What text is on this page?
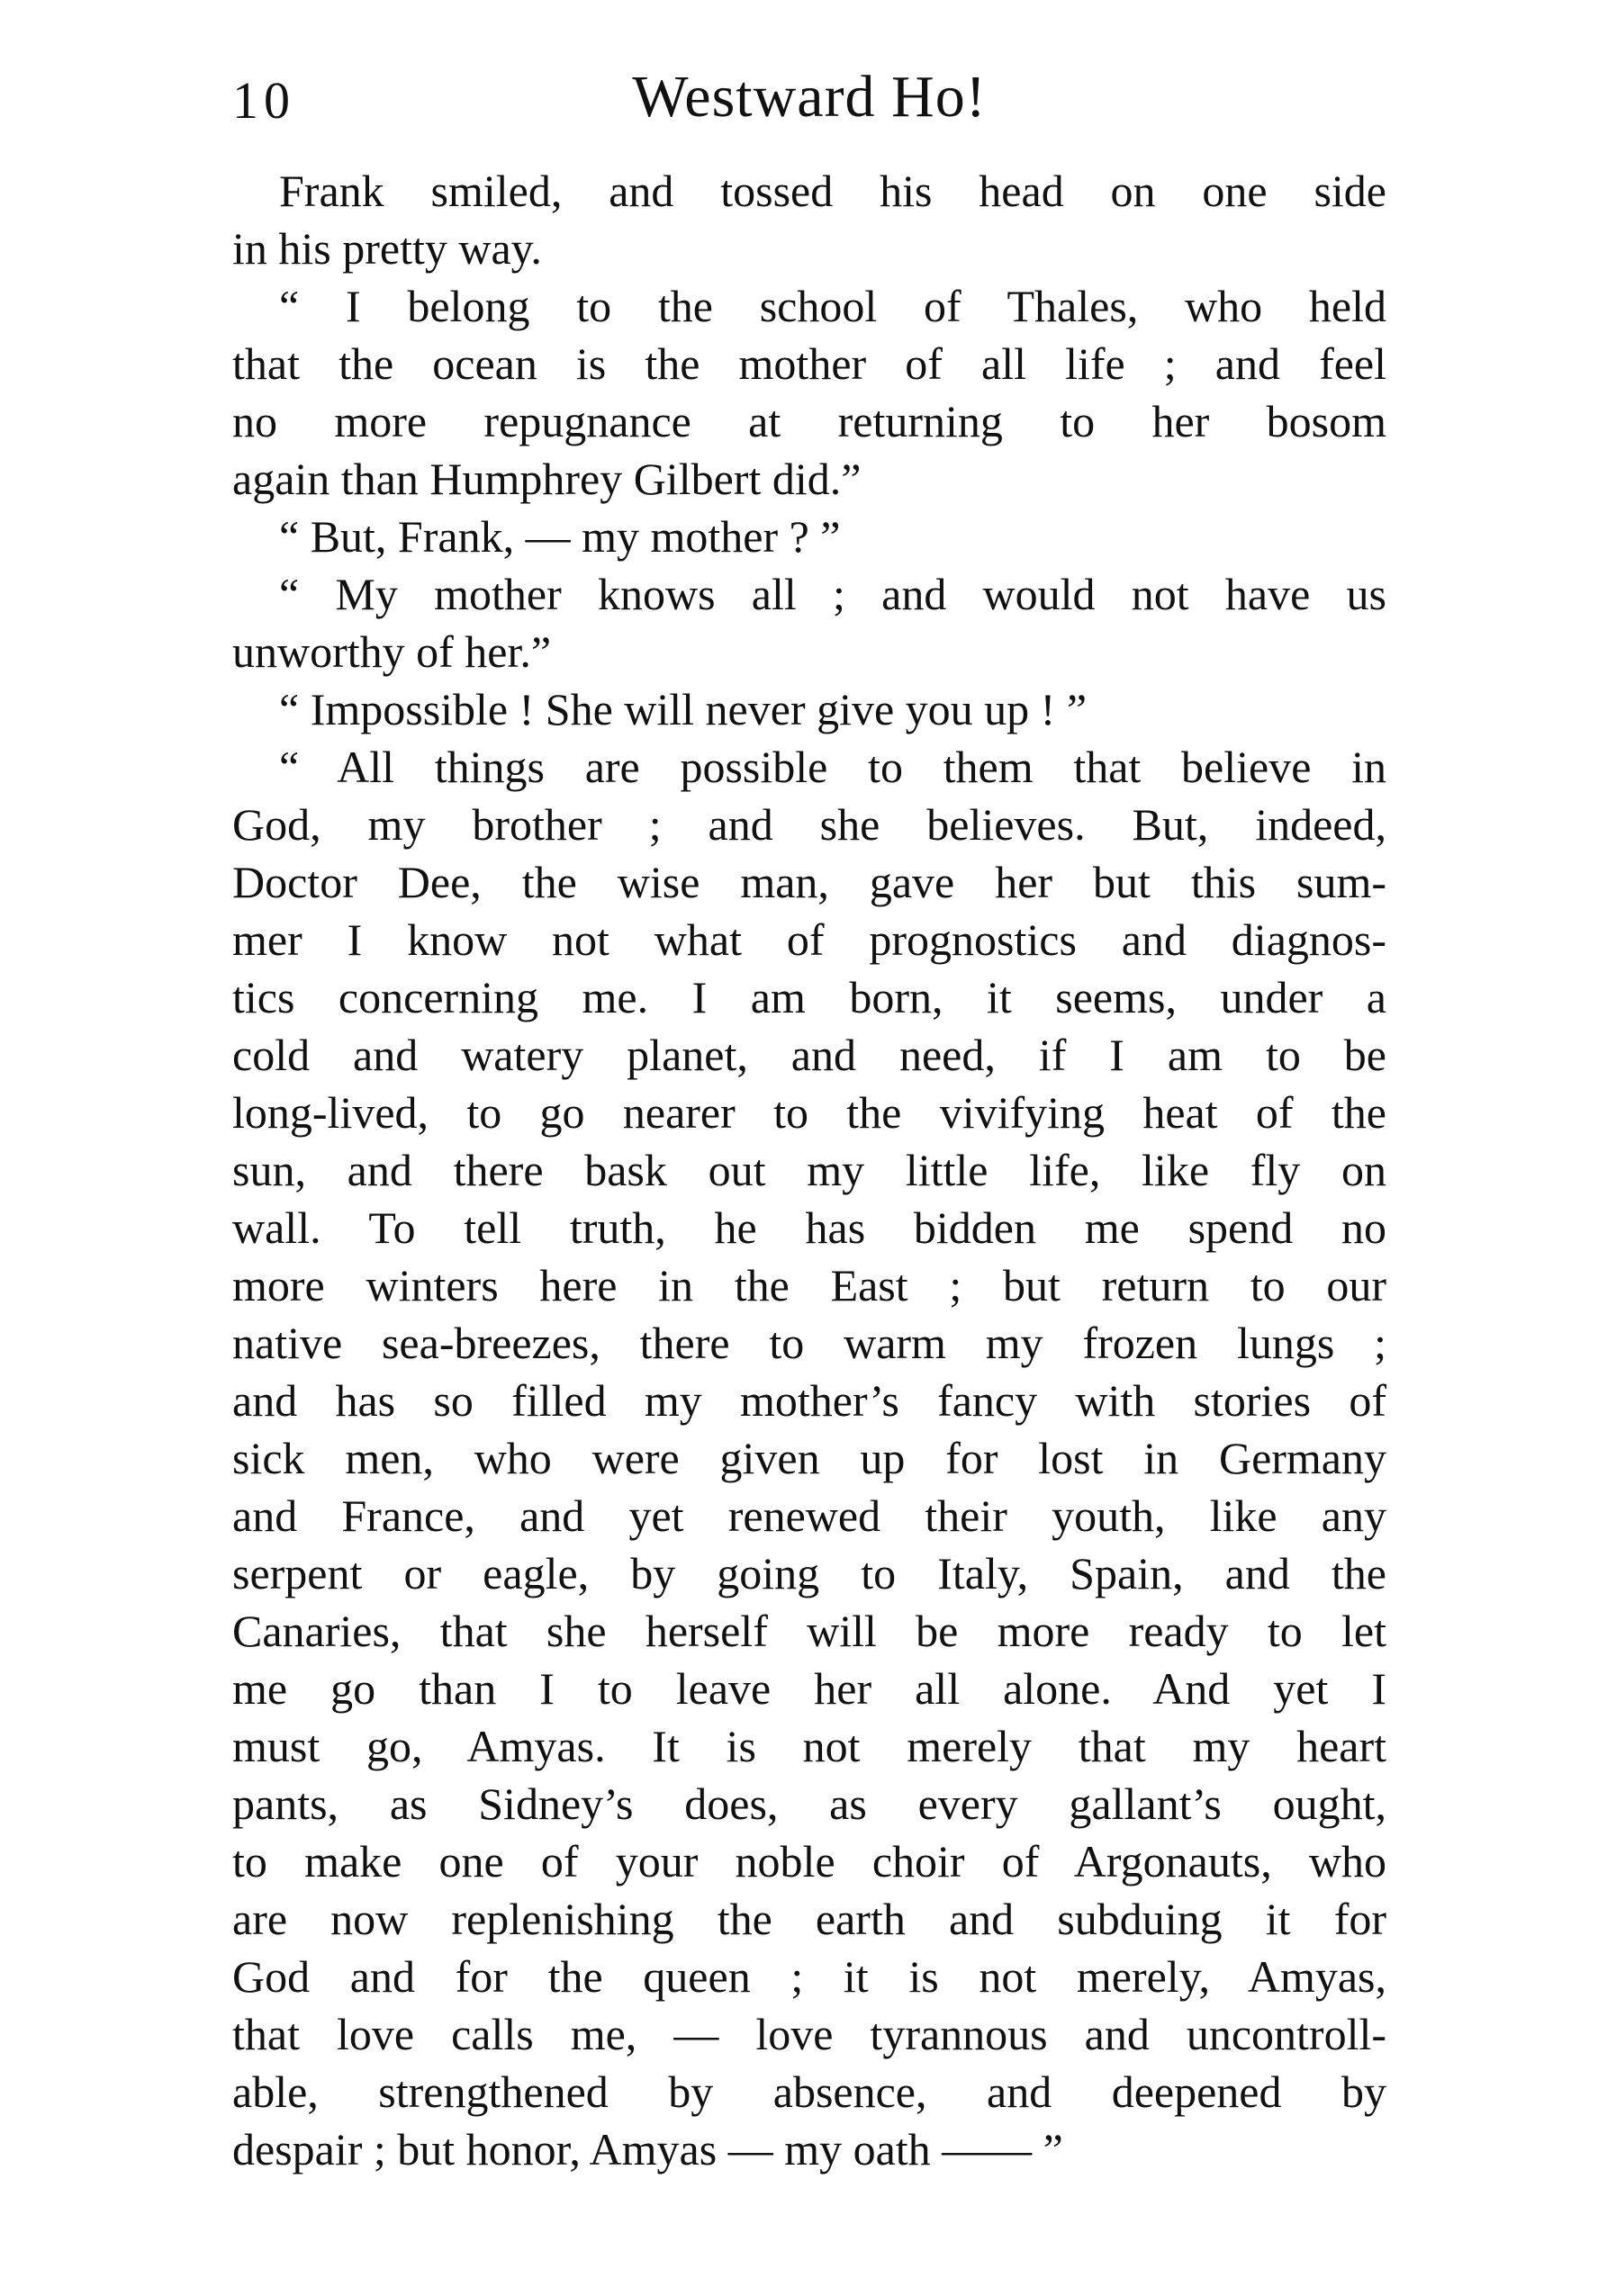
10	Westward Ho!
Frank smiled, and tossed his head on one side
in his pretty way.
“ I belong to the school of Thales, who held
that the ocean is the mother of all life ; and feel
no more repugnance at returning to her bosom
again than Humphrey Gilbert did.”
“ But, Frank, — my mother ? ”
“ My mother knows all ; and would not have us
unworthy of her.”
“ Impossible ! She will never give you up ! ”
“ All things are possible to them that believe in
God, my brother ; and she believes. But, indeed,
Doctor Dee, the wise man, gave her but this sum-
mer I know not what of prognostics and diagnos-
tics concerning me. I am born, it seems, under a
cold and watery planet, and need, if I am to be
long-lived, to go nearer to the vivifying heat of the
sun, and there bask out my little life, like fly on
wall. To tell truth, he has bidden me spend no
more winters here in the East ; but return to our
native sea-breezes, there to warm my frozen lungs ;
and has so filled my mother’s fancy with stories of
sick men, who were given up for lost in Germany
and France, and yet renewed their youth, like any
serpent or eagle, by going to Italy, Spain, and the
Canaries, that she herself will be more ready to let
me go than I to leave her all alone. And yet I
must go, Amyas. It is not merely that my heart
pants, as Sidney’s does, as every gallant’s ought,
to make one of your noble choir of Argonauts, who
are now replenishing the earth and subduing it for
God and for the queen ; it is not merely, Amyas,
that love calls me, — love tyrannous and uncontroll-
able, strengthened by absence, and deepened by
despair ; but honor, Amyas — my oath —— ”
